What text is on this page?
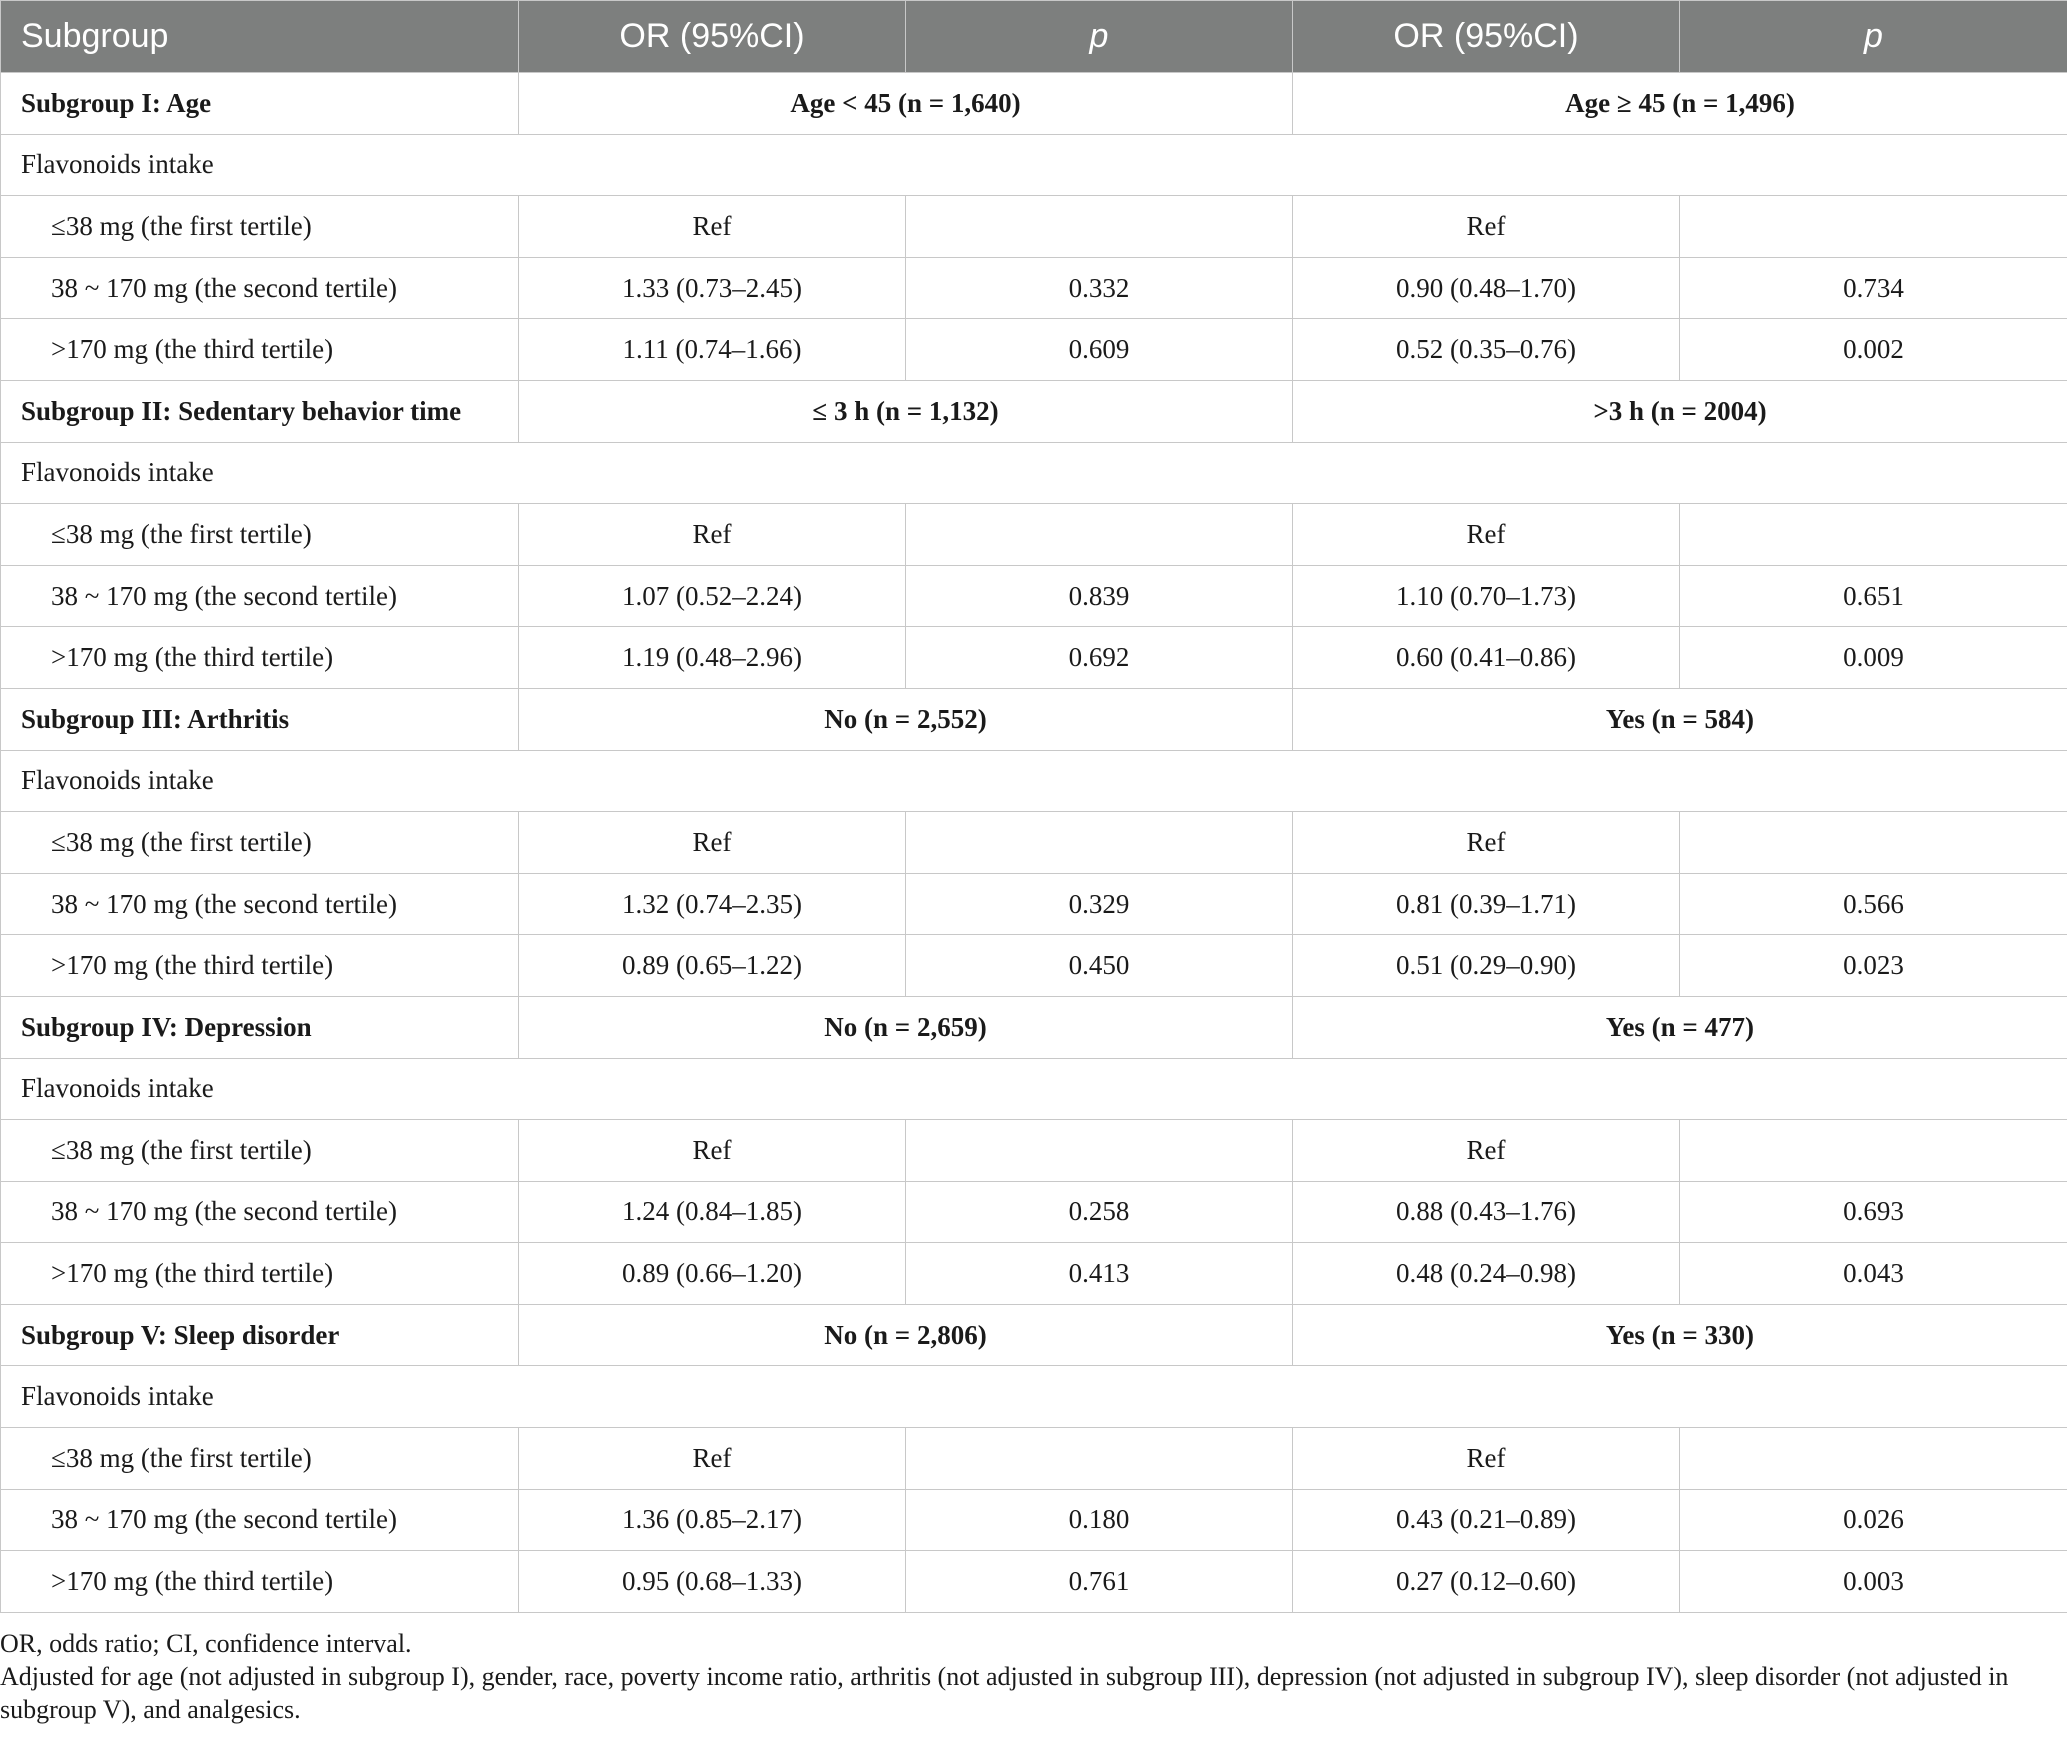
Subgroup	OR (95%CI)	p	OR (95%CI)	p
Subgroup I: Age	Age < 45 (n = 1,640)		Age ≥ 45 (n = 1,496)	
Flavonoids intake				
≤38 mg (the first tertile)	Ref		Ref	
38 ~ 170 mg (the second tertile)	1.33 (0.73–2.45)	0.332	0.90 (0.48–1.70)	0.734
>170 mg (the third tertile)	1.11 (0.74–1.66)	0.609	0.52 (0.35–0.76)	0.002
Subgroup II: Sedentary behavior time	≤ 3 h (n = 1,132)		>3 h (n = 2004)	
Flavonoids intake				
≤38 mg (the first tertile)	Ref		Ref	
38 ~ 170 mg (the second tertile)	1.07 (0.52–2.24)	0.839	1.10 (0.70–1.73)	0.651
>170 mg (the third tertile)	1.19 (0.48–2.96)	0.692	0.60 (0.41–0.86)	0.009
Subgroup III: Arthritis	No (n = 2,552)		Yes (n = 584)	
Flavonoids intake				
≤38 mg (the first tertile)	Ref		Ref	
38 ~ 170 mg (the second tertile)	1.32 (0.74–2.35)	0.329	0.81 (0.39–1.71)	0.566
>170 mg (the third tertile)	0.89 (0.65–1.22)	0.450	0.51 (0.29–0.90)	0.023
Subgroup IV: Depression	No (n = 2,659)		Yes (n = 477)	
Flavonoids intake				
≤38 mg (the first tertile)	Ref		Ref	
38 ~ 170 mg (the second tertile)	1.24 (0.84–1.85)	0.258	0.88 (0.43–1.76)	0.693
>170 mg (the third tertile)	0.89 (0.66–1.20)	0.413	0.48 (0.24–0.98)	0.043
Subgroup V: Sleep disorder	No (n = 2,806)		Yes (n = 330)	
Flavonoids intake				
≤38 mg (the first tertile)	Ref		Ref	
38 ~ 170 mg (the second tertile)	1.36 (0.85–2.17)	0.180	0.43 (0.21–0.89)	0.026
>170 mg (the third tertile)	0.95 (0.68–1.33)	0.761	0.27 (0.12–0.60)	0.003

OR, odds ratio; CI, confidence interval.

Adjusted for age (not adjusted in subgroup I), gender, race, poverty income ratio, arthritis (not adjusted in subgroup III), depression (not adjusted in subgroup IV), sleep disorder (not adjusted in subgroup V), and analgesics.
